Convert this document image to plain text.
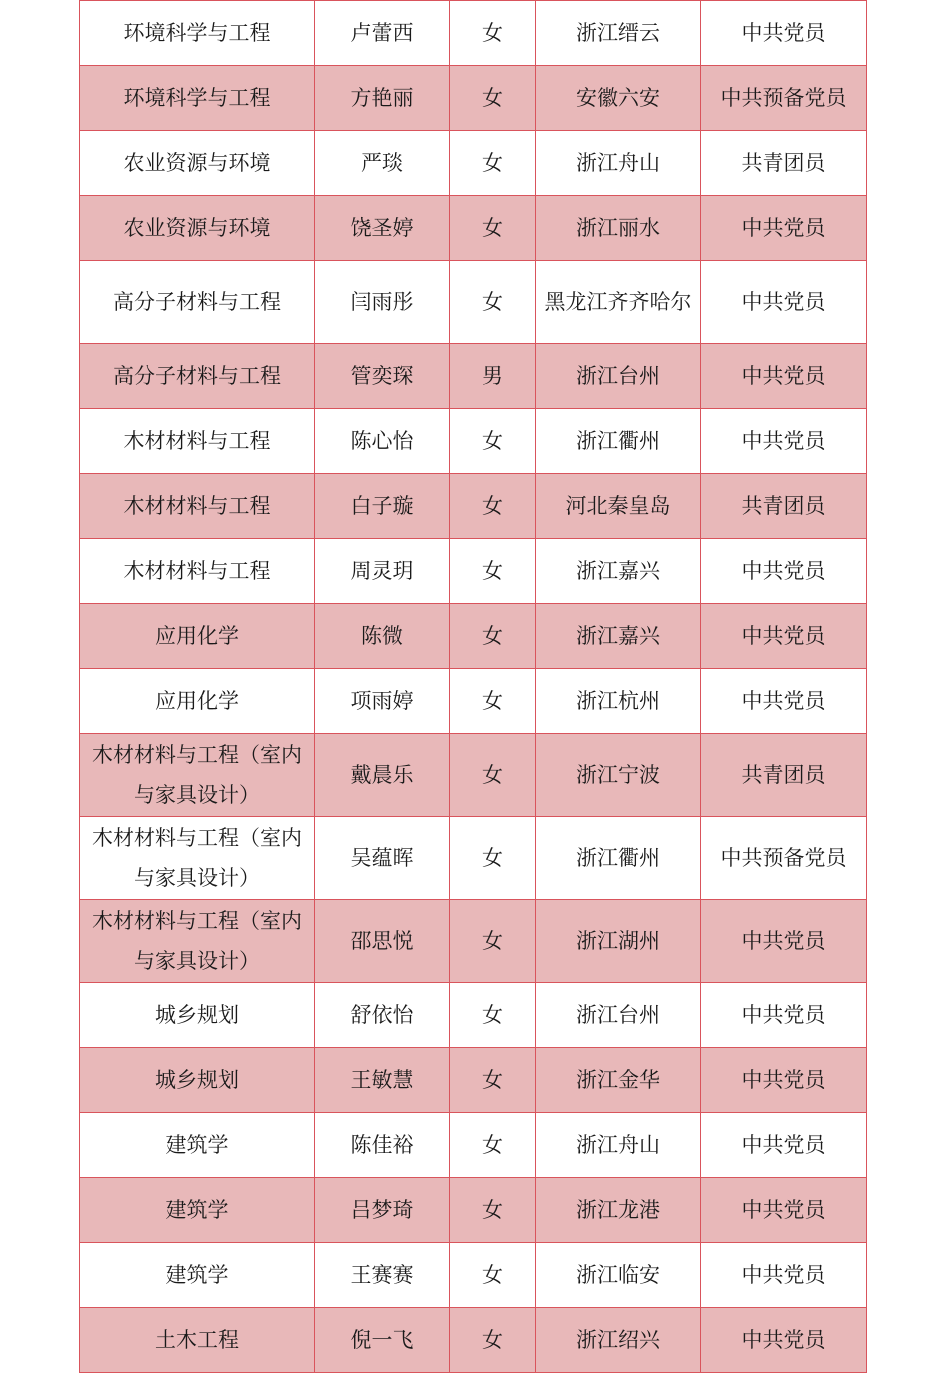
环境科学与工程	卢蕾西	女	浙江缙云	中共党员
环境科学与工程	方艳丽	女	安徽六安	中共预备党员
农业资源与环境	严琰	女	浙江舟山	共青团员
农业资源与环境	饶圣婷	女	浙江丽水	中共党员
高分子材料与工程	闫雨彤	女	黑龙江齐齐哈尔	中共党员
高分子材料与工程	管奕琛	男	浙江台州	中共党员
木材材料与工程	陈心怡	女	浙江衢州	中共党员
木材材料与工程	白子璇	女	河北秦皇岛	共青团员
木材材料与工程	周灵玥	女	浙江嘉兴	中共党员
应用化学	陈微	女	浙江嘉兴	中共党员
应用化学	项雨婷	女	浙江杭州	中共党员
木材材料与工程（室内与家具设计）	戴晨乐	女	浙江宁波	共青团员
木材材料与工程（室内与家具设计）	吴蕴晖	女	浙江衢州	中共预备党员
木材材料与工程（室内与家具设计）	邵思悦	女	浙江湖州	中共党员
城乡规划	舒依怡	女	浙江台州	中共党员
城乡规划	王敏慧	女	浙江金华	中共党员
建筑学	陈佳裕	女	浙江舟山	中共党员
建筑学	吕梦琦	女	浙江龙港	中共党员
建筑学	王赛赛	女	浙江临安	中共党员
土木工程	倪一飞	女	浙江绍兴	中共党员
